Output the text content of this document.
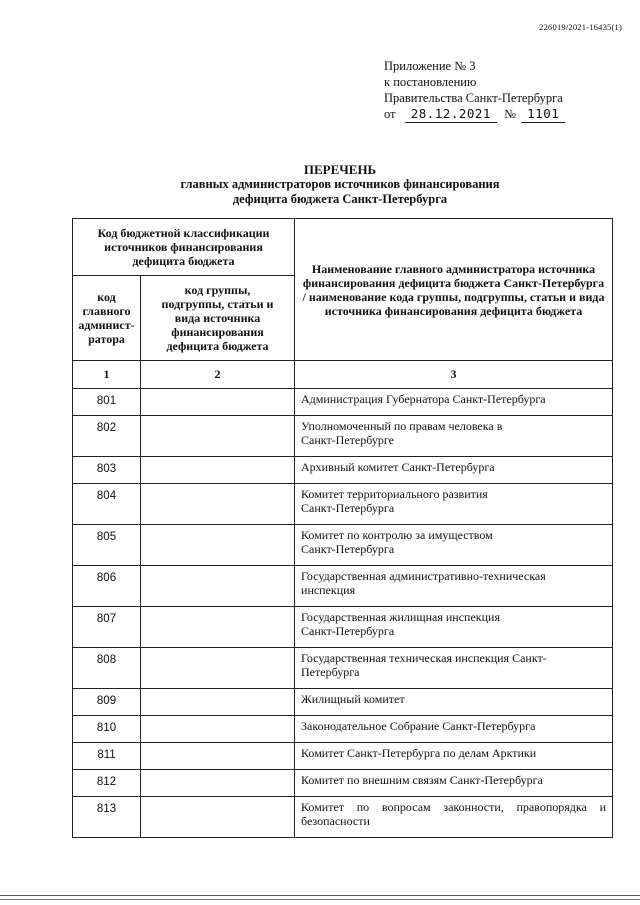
226019/2021-16435(1)
Приложение № 3
к постановлению
Правительства Санкт-Петербурга
от 28.12.2021 № 1101
ПЕРЕЧЕНЬ
главных администраторов источников финансирования
дефицита бюджета Санкт-Петербурга
Код бюджетной классификации источников финансирования дефицита бюджета		Наименование главного администратора источника финансирования дефицита бюджета Санкт-Петербурга / наименование кода группы, подгруппы, статьи и вида источника финансирования дефицита бюджета

код главного админист-ратора	код группы, подгруппы, статьи и вида источника финансирования дефицита бюджета	

1	2	3
801		Администрация Губернатора Санкт-Петербурга
802		Уполномоченный по правам человека в Санкт-Петербурге
803		Архивный комитет Санкт-Петербурга
804		Комитет территориального развития Санкт-Петербурга
805		Комитет по контролю за имуществом Санкт-Петербурга
806		Государственная административно-техническая инспекция
807		Государственная жилищная инспекция Санкт-Петербурга
808		Государственная техническая инспекция Санкт-Петербурга
809		Жилищный комитет
810		Законодательное Собрание Санкт-Петербурга
811		Комитет Санкт-Петербурга по делам Арктики
812		Комитет по внешним связям Санкт-Петербурга
813		Комитет по вопросам законности, правопорядка и безопасности
